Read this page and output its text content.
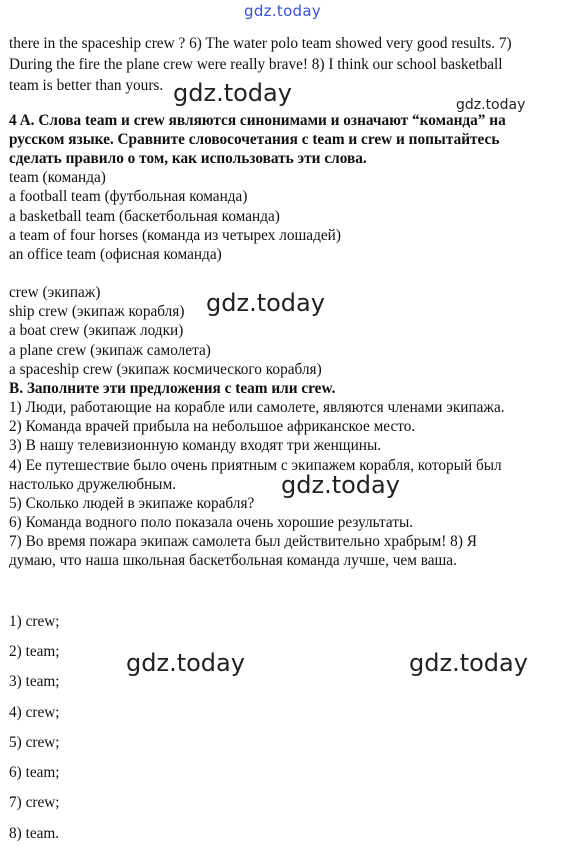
gdz.today
gdz.today	gdz.today
gdz.today
gdz.today
gdz.today	gdz.today
there in the spaceship crew ? 6) The water polo team showed very good results. 7)
During the fire the plane crew were really brave! 8) I think our school basketball
team is better than yours.
4 A. Слова team и crew являются синонимами и означают “команда” на
русском языке. Сравните словосочетания с team и crew и попытайтесь
сделать правило о том, как использовать эти слова.
team (команда)
a football team (футбольная команда)
a basketball team (баскетбольная команда)
a team of four horses (команда из четырех лошадей)
an office team (офисная команда)
crew (экипаж)
ship crew (экипаж корабля)
a boat crew (экипаж лодки)
a plane crew (экипаж самолета)
a spaceship crew (экипаж космического корабля)
B. Заполните эти предложения с team или crew.
1) Люди, работающие на корабле или самолете, являются членами экипажа.
2) Команда врачей прибыла на небольшое африканское место.
3) В нашу телевизионную команду входят три женщины.
4) Ее путешествие было очень приятным с экипажем корабля, который был
настолько дружелюбным.
5) Сколько людей в экипаже корабля?
6) Команда водного поло показала очень хорошие результаты.
7) Во время пожара экипаж самолета был действительно храбрым! 8) Я
думаю, что наша школьная баскетбольная команда лучше, чем ваша.
1) crew;
2) team;
3) team;
4) crew;
5) crew;
6) team;
7) crew;
8) team.
